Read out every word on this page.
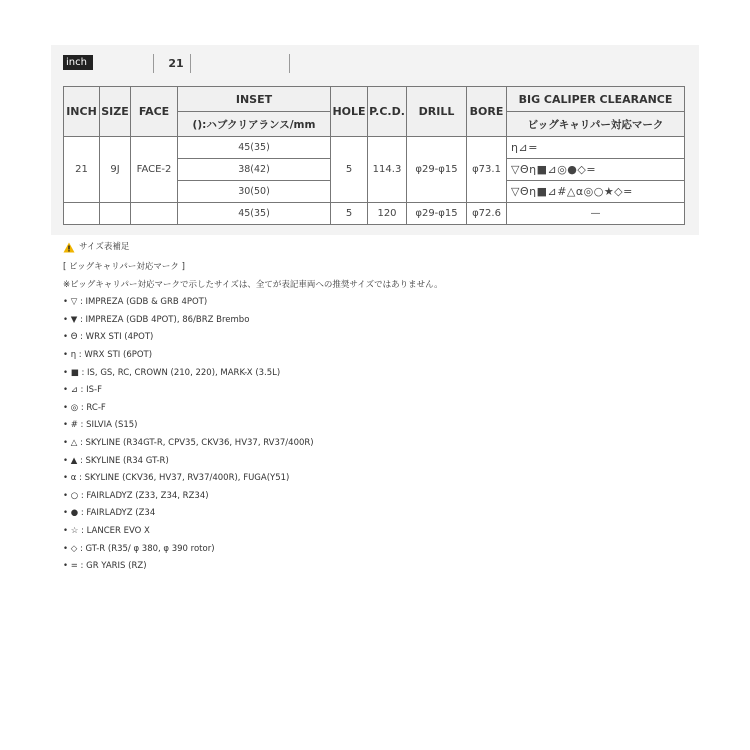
inch	21
INCH	SIZE	FACE	INSET	HOLE	P.C.D.	DRILL	BORE	BIG CALIPER CLEARANCE
			():ハブクリアランス/mm					ビッグキャリパー対応マーク
21	9J	FACE-2	45(35)	5	114.3	φ29-φ15	φ73.1	η⊿=
			38(42)					▽Θη■⊿◎●◇=
			30(50)					▽Θη■⊿#△α◎○★◇=
			45(35)	5	120	φ29-φ15	φ72.6	—
サイズ表補足
[ ビッグキャリパー対応マーク ]
※ビッグキャリパー対応マークで示したサイズは、全てが表記車両への推奨サイズではありません。
• ▽ : IMPREZA (GDB & GRB 4POT)
• ▼ : IMPREZA (GDB 4POT), 86/BRZ Brembo
• Θ : WRX STI (4POT)
• η : WRX STI (6POT)
• ■ : IS, GS, RC, CROWN (210, 220), MARK-X (3.5L)
• ⊿ : IS-F
• ◎ : RC-F
• # : SILVIA (S15)
• △ : SKYLINE (R34GT-R, CPV35, CKV36, HV37, RV37/400R)
• ▲ : SKYLINE (R34 GT-R)
• α : SKYLINE (CKV36, HV37, RV37/400R), FUGA(Y51)
• ○ : FAIRLADYZ (Z33, Z34, RZ34)
• ● : FAIRLADYZ (Z34
• ☆ : LANCER EVO X
• ◇ : GT-R (R35/ φ 380, φ 390 rotor)
• = : GR YARIS (RZ)
